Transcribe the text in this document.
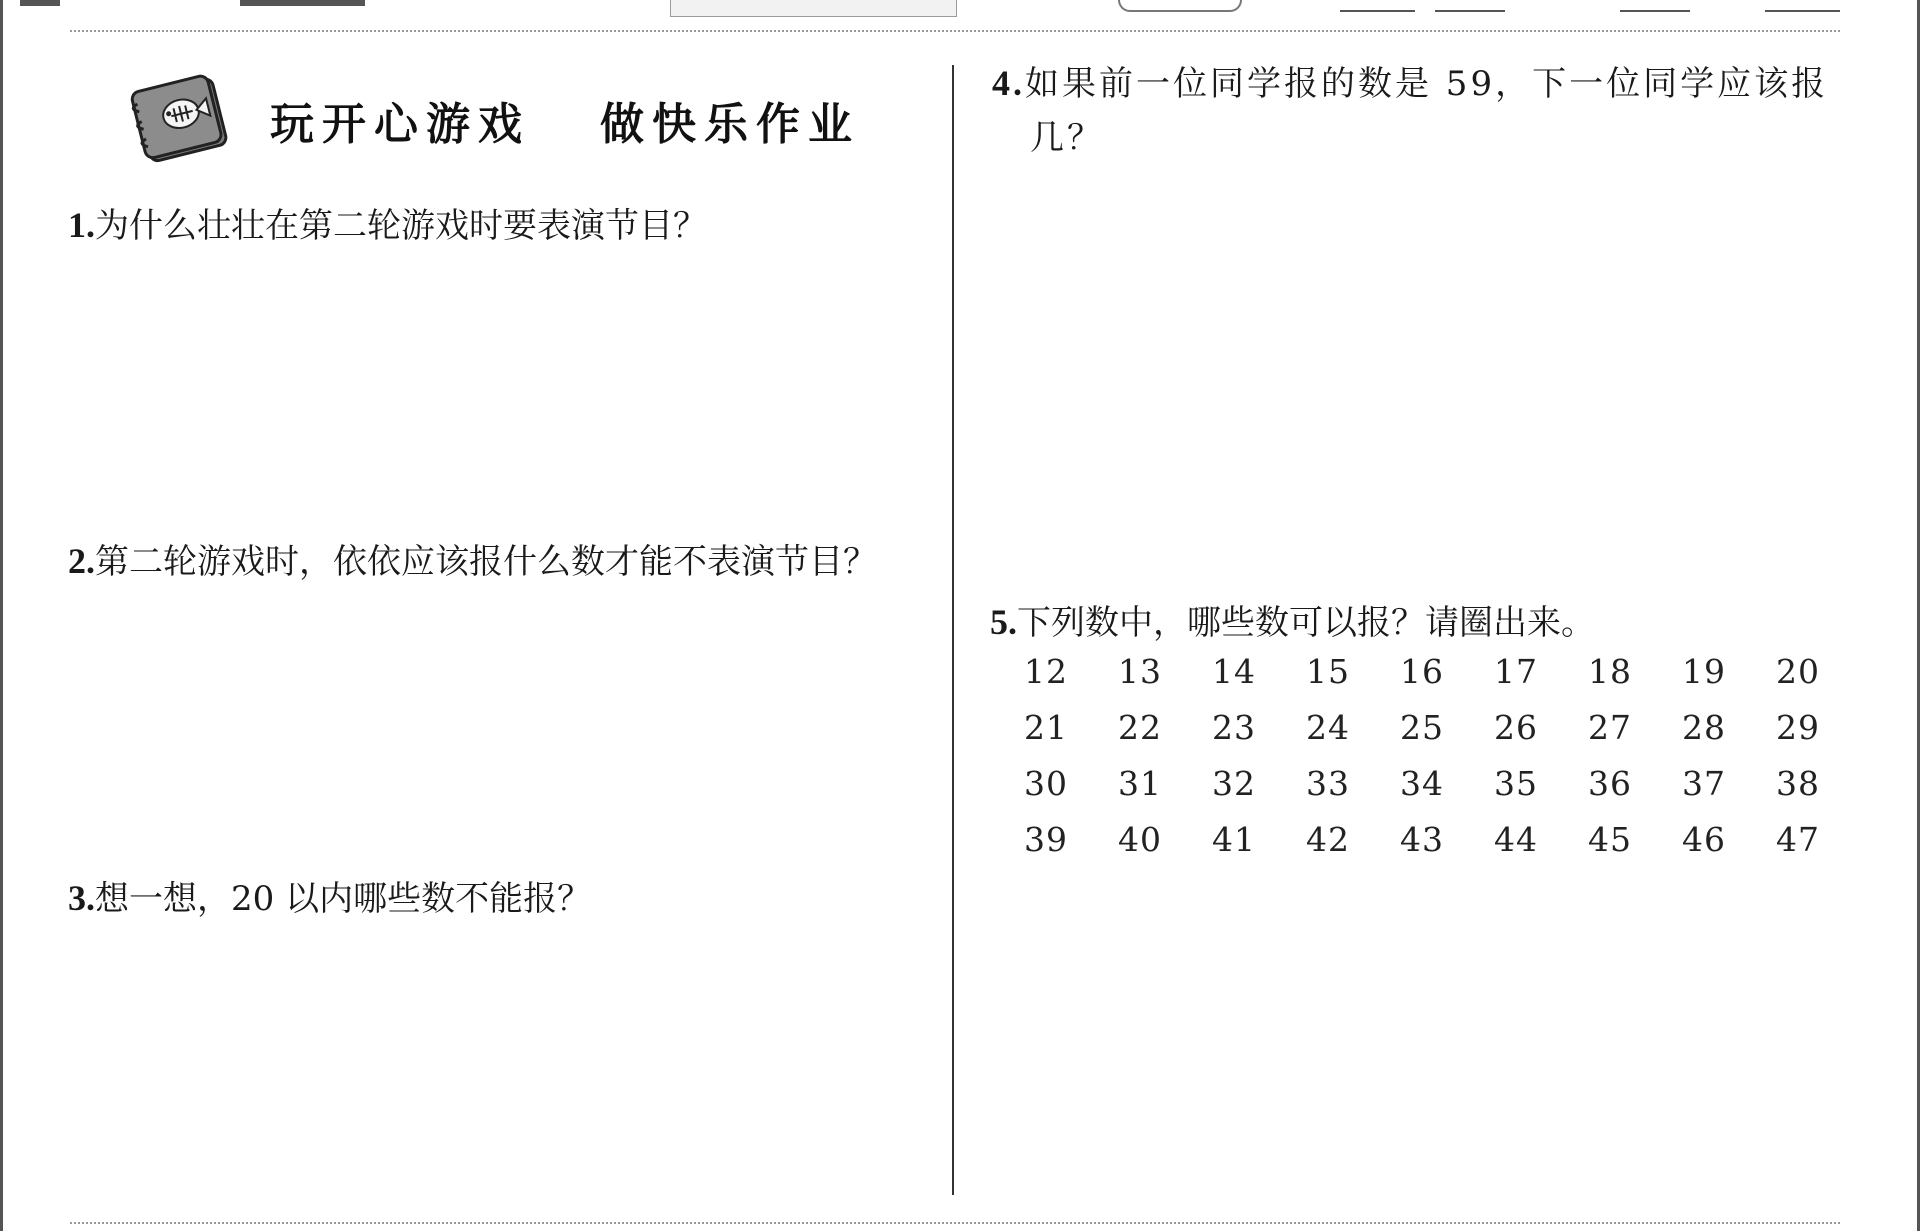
玩开心游戏   做快乐作业
1.为什么壮壮在第二轮游戏时要表演节目？
2.第二轮游戏时，依依应该报什么数才能不表演节目？
3.想一想，20 以内哪些数不能报？
4.如果前一位同学报的数是 59，下一位同学应该报几？
5.下列数中，哪些数可以报？请圈出来。
12	13	14	15	16	17	18	19	20
21	22	23	24	25	26	27	28	29
30	31	32	33	34	35	36	37	38
39	40	41	42	43	44	45	46	47
